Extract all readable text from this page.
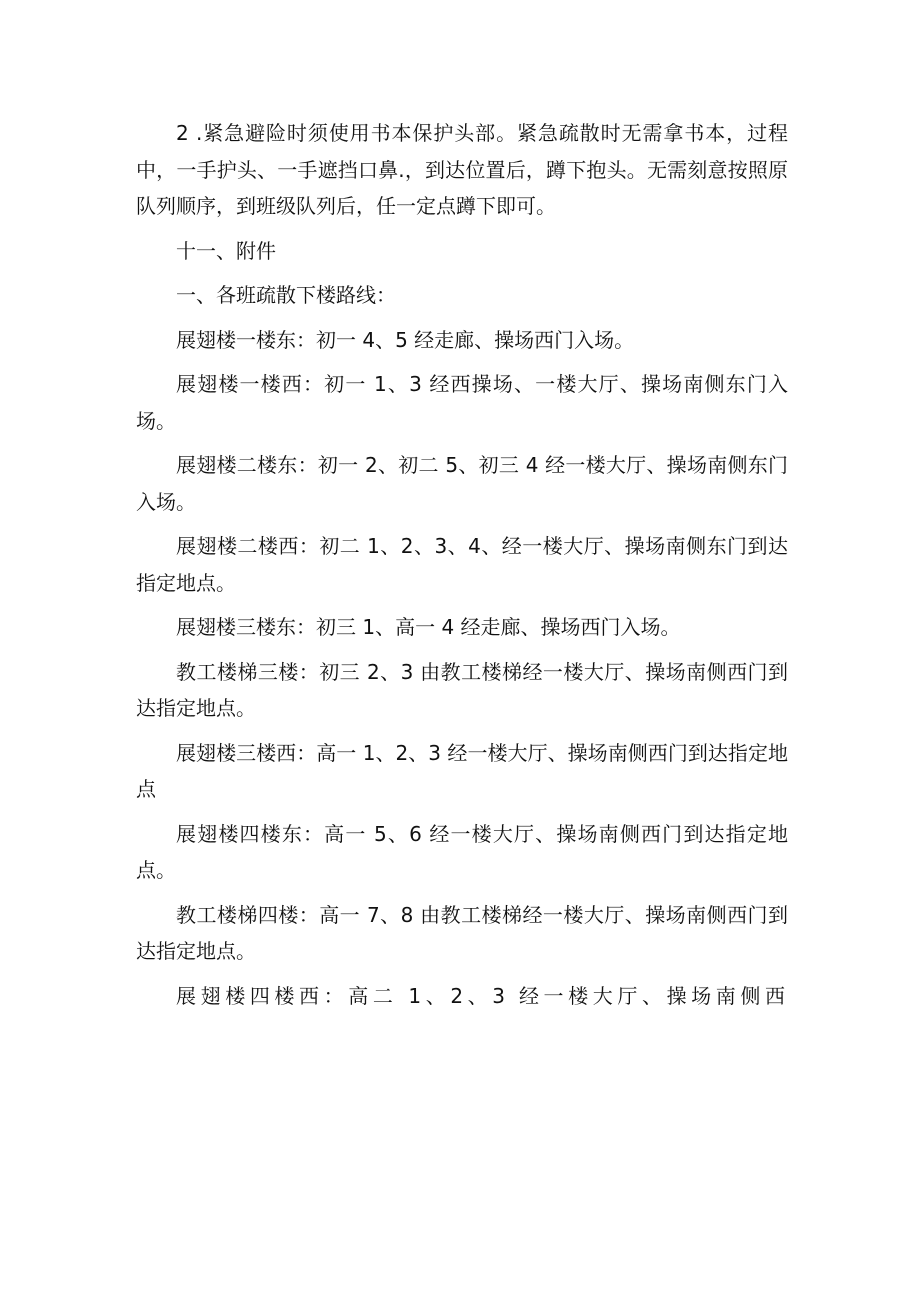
2 .紧急避险时须使用书本保护头部。紧急疏散时无需拿书本，过程中，一手护头、一手遮挡口鼻.，到达位置后，蹲下抱头。无需刻意按照原队列顺序，到班级队列后，任一定点蹲下即可。

十一、附件

一、各班疏散下楼路线：

展翅楼一楼东：初一 4、5 经走廊、操场西门入场。

展翅楼一楼西：初一 1、3 经西操场、一楼大厅、操场南侧东门入场。

展翅楼二楼东：初一 2、初二 5、初三 4 经一楼大厅、操场南侧东门入场。

展翅楼二楼西：初二 1、2、3、4、经一楼大厅、操场南侧东门到达指定地点。

展翅楼三楼东：初三 1、高一 4 经走廊、操场西门入场。

教工楼梯三楼：初三 2、3 由教工楼梯经一楼大厅、操场南侧西门到达指定地点。

展翅楼三楼西：高一 1、2、3 经一楼大厅、操场南侧西门到达指定地点

展翅楼四楼东：高一 5、6 经一楼大厅、操场南侧西门到达指定地点。

教工楼梯四楼：高一 7、8 由教工楼梯经一楼大厅、操场南侧西门到达指定地点。

展翅楼四楼西：高二 1、2、3 经一楼大厅、操场南侧西
